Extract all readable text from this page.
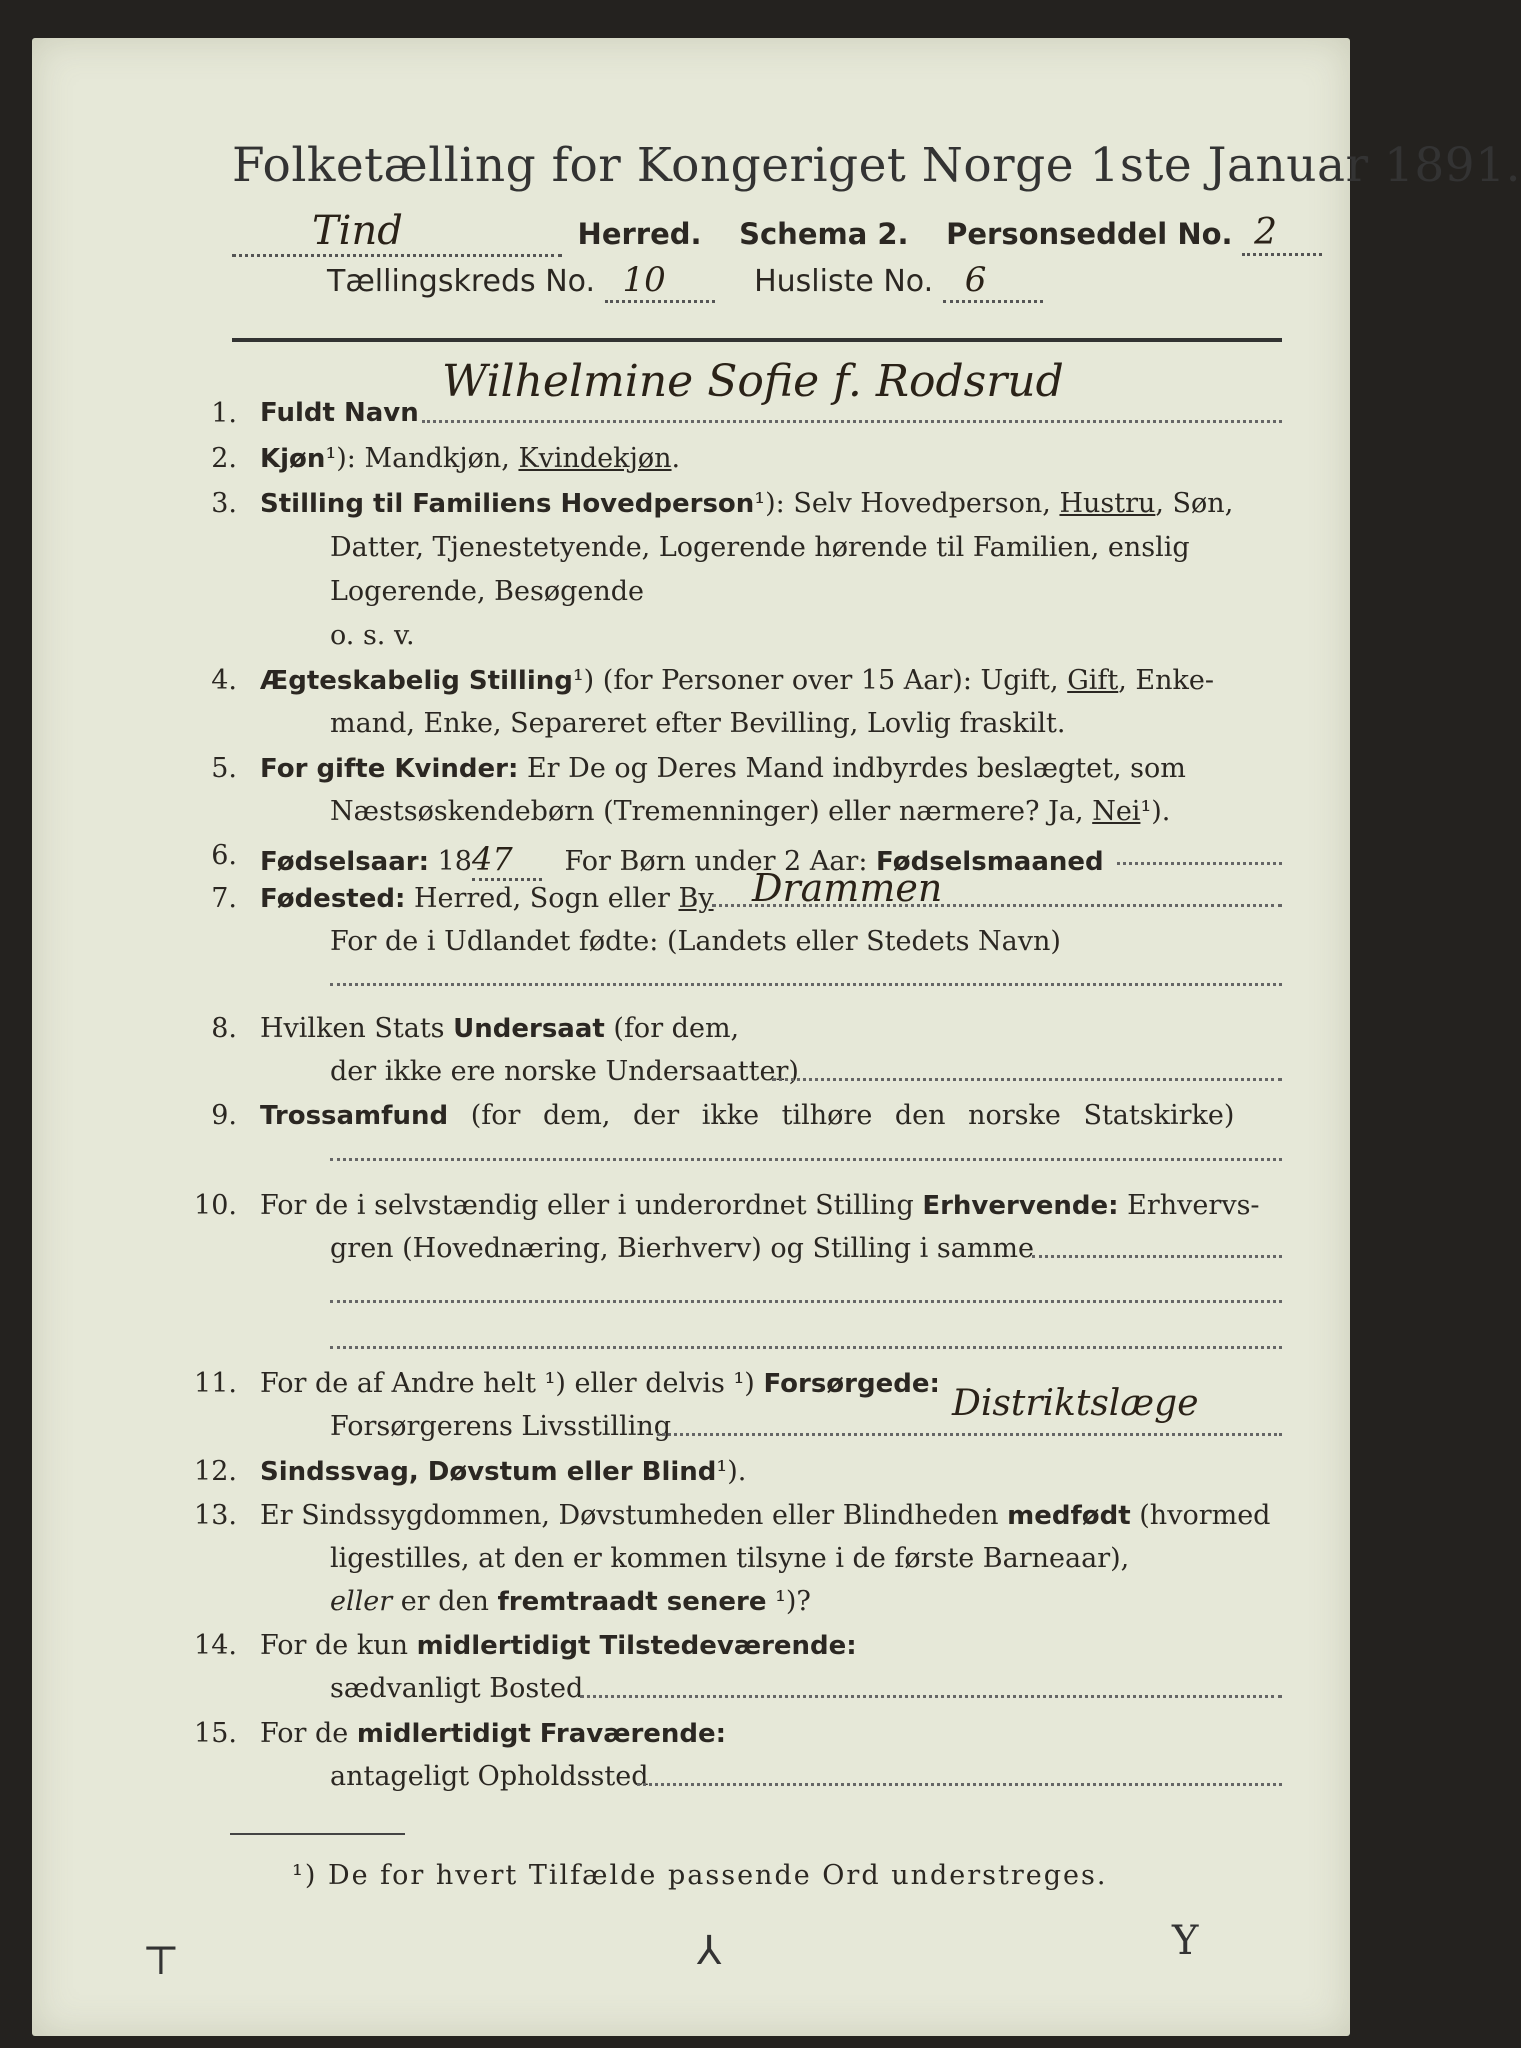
Folketælling for Kongeriget Norge 1ste Januar 1891.
Tind	Herred. Schema 2. Personseddel No. 2
Tællingskreds No. 10	Husliste No. 6
1. Fuldt Navn
Wilhelmine Sofie f. Rodsrud
2. Kjøn¹): Mandkjøn, Kvindekjøn.
3. Stilling til Familiens Hovedperson¹): Selv Hovedperson, Hustru, Søn,
Datter, Tjenestetyende, Logerende hørende til Familien, enslig
Logerende, Besøgende
o. s. v.
4. Ægteskabelig Stilling¹) (for Personer over 15 Aar): Ugift, Gift, Enke-
mand, Enke, Separeret efter Bevilling, Lovlig fraskilt.
5. For gifte Kvinder: Er De og Deres Mand indbyrdes beslægtet, som
Næstsøskendebørn (Tremenninger) eller nærmere? Ja, Nei¹).
6. Fødselsaar: 1847 For Børn under 2 Aar: Fødselsmaaned
7. Fødested: Herred, Sogn eller By Drammen
For de i Udlandet fødte: (Landets eller Stedets Navn)
8. Hvilken Stats Undersaat (for dem,
der ikke ere norske Undersaatter)
9. Trossamfund (for dem, der ikke tilhøre den norske Statskirke)
10. For de i selvstændig eller i underordnet Stilling Erhvervende: Erhvervs-
gren (Hovednæring, Bierhverv) og Stilling i samme
11. For de af Andre helt ¹) eller delvis ¹) Forsørgede:
Forsørgerens Livsstilling
Distriktslæge
12. Sindssvag, Døvstum eller Blind¹).
13. Er Sindssygdommen, Døvstumheden eller Blindheden medfødt (hvormed
ligestilles, at den er kommen tilsyne i de første Barneaar),
eller er den fremtraadt senere ¹)?
14. For de kun midlertidigt Tilstedeværende:
sædvanligt Bosted
15. For de midlertidigt Fraværende:
antageligt Opholdssted
¹) De for hvert Tilfælde passende Ord understreges.
⊤	⅄	Y
